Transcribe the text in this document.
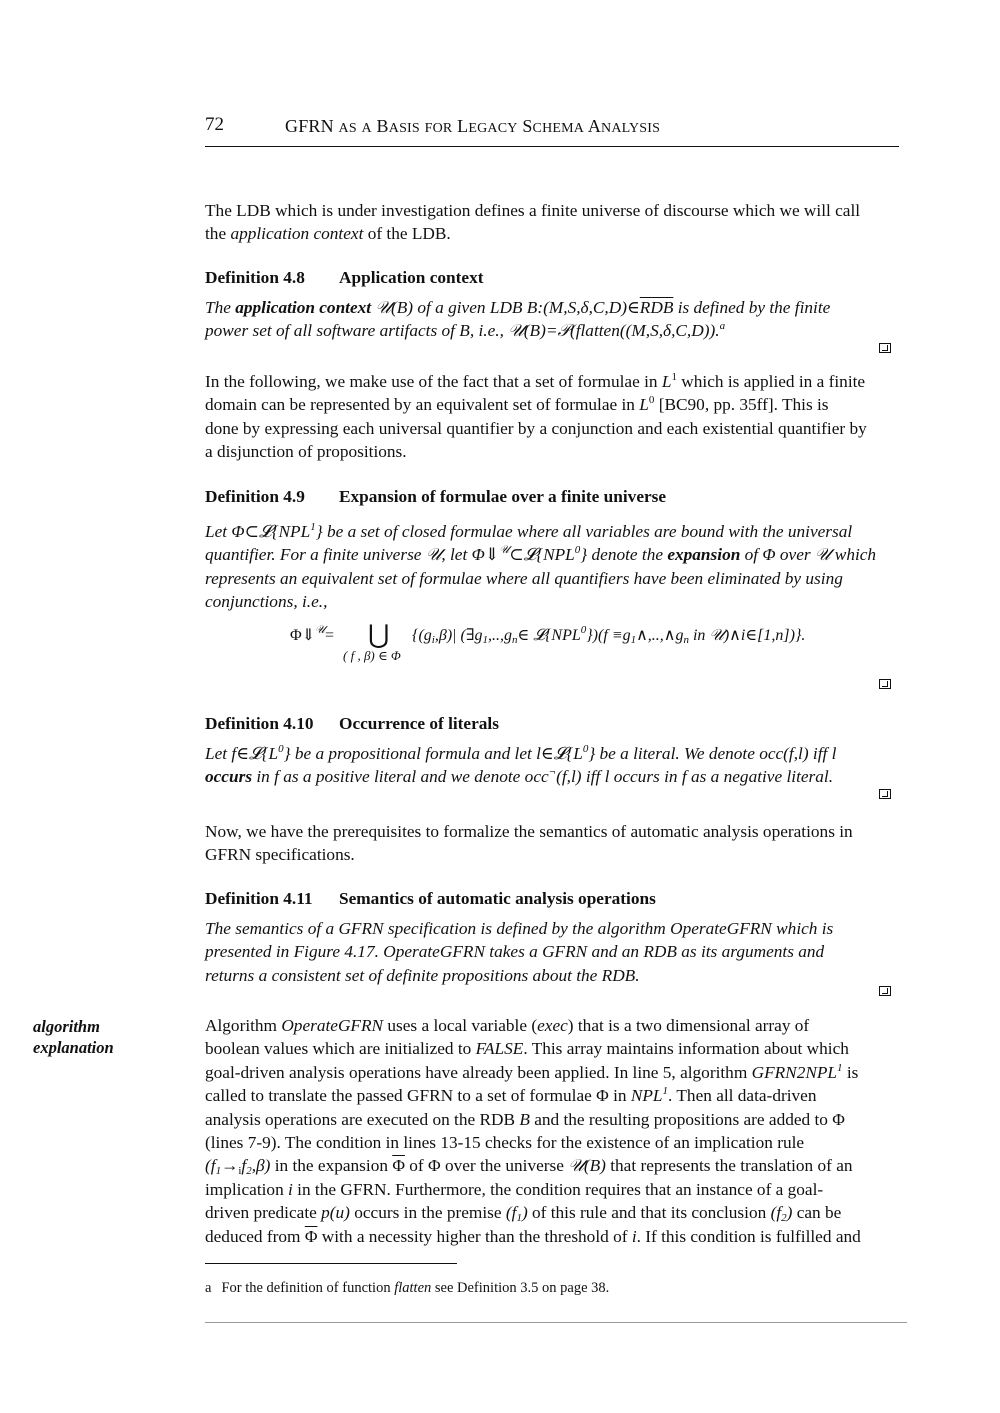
72	GFRN AS A BASIS FOR LEGACY SCHEMA ANALYSIS
The LDB which is under investigation defines a finite universe of discourse which we will call
the application context of the LDB.
Definition 4.8 Application context
The application context 𝒰(B) of a given LDB $B:(M,S,\delta,C,D)\in\overline{RDB}$ is defined by the finite
power set of all software artifacts of B, i.e., 𝒰(B)=𝒫(flatten((M,S,δ,C,D)).$^a$
In the following, we make use of the fact that a set of formulae in $L^1$ which is applied in a finite
domain can be represented by an equivalent set of formulae in $L^0$ [BC90, pp. 35ff]. This is
done by expressing each universal quantifier by a conjunction and each existential quantifier by
a disjunction of propositions.
Definition 4.9 Expansion of formulae over a finite universe
Let Φ⊂𝓛{NPL$^1$} be a set of closed formulae where all variables are bound with the universal
quantifier. For a finite universe 𝒰, let Φ⇓$^𝒰$⊂𝓛{NPL$^0$} denote the expansion of Φ over 𝒰 which
represents an equivalent set of formulae where all quantifiers have been eliminated by using
conjunctions, i.e.,
Φ⇓$^𝒰$=	{$(g_i,\beta)|$ ($\exists g_1,..,g_n\in$ $𝓛\{NPL^0\})(f$ $\equiv g_1\wedge,..,\wedge g_n$ in 𝒰)∧i∈[1,n])}.
⋃
( f , β) ∈ Φ
Definition 4.10 Occurrence of literals
Let $f\in 𝓛\{L^0\}$ be a propositional formula and let $l\in 𝓛\{L^0\}$ be a literal. We denote occ(f,l) iff l
occurs in f as a positive literal and we denote occ¬(f,l) iff l occurs in f as a negative literal.
Now, we have the prerequisites to formalize the semantics of automatic analysis operations in
GFRN specifications.
Definition 4.11 Semantics of automatic analysis operations
The semantics of a GFRN specification is defined by the algorithm OperateGFRN which is
presented in Figure 4.17. OperateGFRN takes a GFRN and an RDB as its arguments and
returns a consistent set of definite propositions about the RDB.
algorithm
explanation
Algorithm OperateGFRN uses a local variable (exec) that is a two dimensional array of
boolean values which are initialized to FALSE. This array maintains information about which
goal-driven analysis operations have already been applied. In line 5, algorithm GFRN2NPL$^1$ is
called to translate the passed GFRN to a set of formulae Φ in NPL$^1$. Then all data-driven
analysis operations are executed on the RDB B and the resulting propositions are added to Φ
(lines 7-9). The condition in lines 13-15 checks for the existence of an implication rule
$(f_1\to_if_2,\beta)$ in the expansion $\overline{\Phi}$ of Φ over the universe 𝒰(B) that represents the translation of an
implication i in the GFRN. Furthermore, the condition requires that an instance of a goal-
driven predicate p(u) occurs in the premise $(f_1)$ of this rule and that its conclusion $(f_2)$ can be
deduced from $\overline{\Phi}$ with a necessity higher than the threshold of i. If this condition is fulfilled and
a For the definition of function flatten see Definition 3.5 on page 38.
